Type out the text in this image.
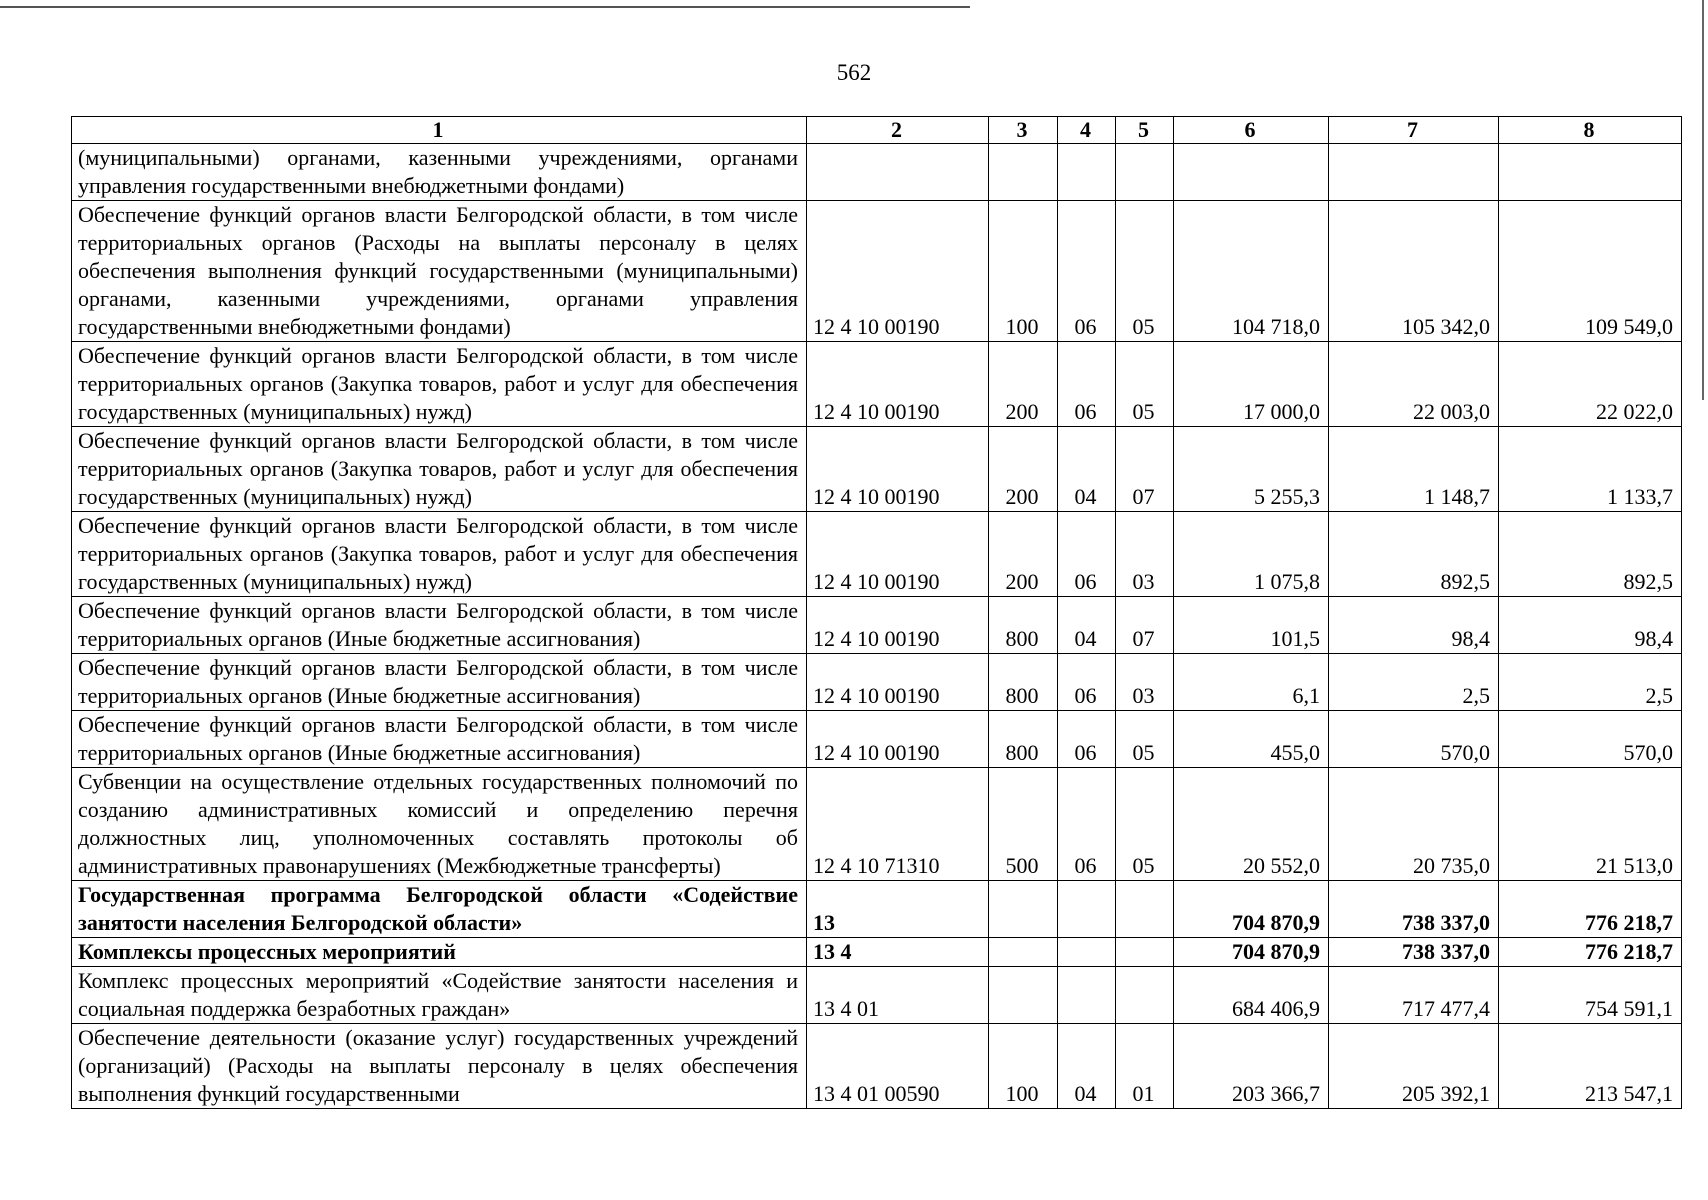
562
1	2	3	4	5	6	7	8
(муниципальными) органами, казенными учреждениями, органами управления государственными внебюджетными фондами)							
Обеспечение функций органов власти Белгородской области, в том числе территориальных органов (Расходы на выплаты персоналу в целях обеспечения выполнения функций государственными (муниципальными) органами, казенными учреждениями, органами управления государственными внебюджетными фондами)	12 4 10 00190	100	06	05	104 718,0	105 342,0	109 549,0
Обеспечение функций органов власти Белгородской области, в том числе территориальных органов (Закупка товаров, работ и услуг для обеспечения государственных (муниципальных) нужд)	12 4 10 00190	200	06	05	17 000,0	22 003,0	22 022,0
Обеспечение функций органов власти Белгородской области, в том числе территориальных органов (Закупка товаров, работ и услуг для обеспечения государственных (муниципальных) нужд)	12 4 10 00190	200	04	07	5 255,3	1 148,7	1 133,7
Обеспечение функций органов власти Белгородской области, в том числе территориальных органов (Закупка товаров, работ и услуг для обеспечения государственных (муниципальных) нужд)	12 4 10 00190	200	06	03	1 075,8	892,5	892,5
Обеспечение функций органов власти Белгородской области, в том числе территориальных органов (Иные бюджетные ассигнования)	12 4 10 00190	800	04	07	101,5	98,4	98,4
Обеспечение функций органов власти Белгородской области, в том числе территориальных органов (Иные бюджетные ассигнования)	12 4 10 00190	800	06	03	6,1	2,5	2,5
Обеспечение функций органов власти Белгородской области, в том числе территориальных органов (Иные бюджетные ассигнования)	12 4 10 00190	800	06	05	455,0	570,0	570,0
Субвенции на осуществление отдельных государственных полномочий по созданию административных комиссий и определению перечня должностных лиц, уполномоченных составлять протоколы об административных правонарушениях (Межбюджетные трансферты)	12 4 10 71310	500	06	05	20 552,0	20 735,0	21 513,0
Государственная программа Белгородской области «Содействие занятости населения Белгородской области»	13				704 870,9	738 337,0	776 218,7
Комплексы процессных мероприятий	13 4				704 870,9	738 337,0	776 218,7
Комплекс процессных мероприятий «Содействие занятости населения и социальная поддержка безработных граждан»	13 4 01				684 406,9	717 477,4	754 591,1
Обеспечение деятельности (оказание услуг) государственных учреждений (организаций) (Расходы на выплаты персоналу в целях обеспечения выполнения функций государственными	13 4 01 00590	100	04	01	203 366,7	205 392,1	213 547,1
